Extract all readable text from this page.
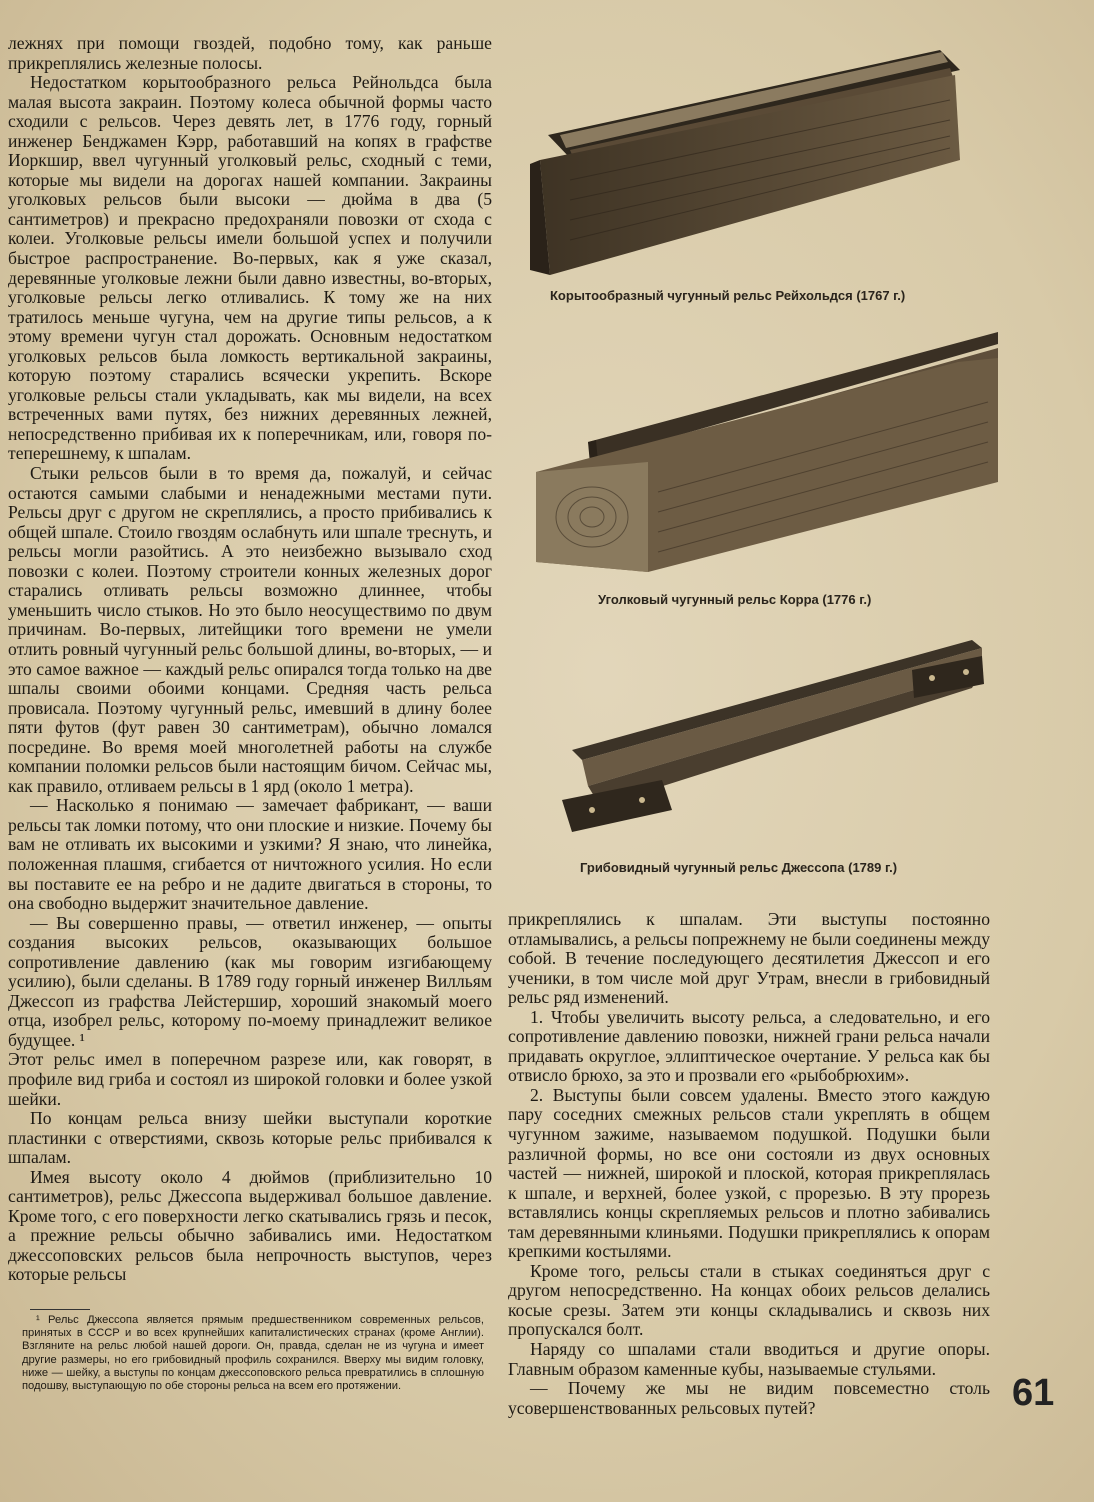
лежнях при помощи гвоздей, подобно тому, как раньше прикреплялись железные полосы.

Недостатком корытообразного рельса Рейнольдса была малая высота закраин. Поэтому колеса обычной формы часто сходили с рельсов. Через девять лет, в 1776 году, горный инженер Бенджамен Кэрр, работавший на копях в графстве Иоркшир, ввел чугунный уголковый рельс, сходный с теми, которые мы видели на дорогах нашей компании. Закраины уголковых рельсов были высоки — дюйма в два (5 сантиметров) и прекрасно предохраняли повозки от схода с колеи. Уголковые рельсы имели большой успех и получили быстрое распространение. Во-первых, как я уже сказал, деревянные уголковые лежни были давно известны, во-вторых, уголковые рельсы легко отливались. К тому же на них тратилось меньше чугуна, чем на другие типы рельсов, а к этому времени чугун стал дорожать. Основным недостатком уголковых рельсов была ломкость вертикальной закраины, которую поэтому старались всячески укрепить. Вскоре уголковые рельсы стали укладывать, как мы видели, на всех встреченных вами путях, без нижних деревянных лежней, непосредственно прибивая их к поперечникам, или, говоря по-теперешнему, к шпалам.

Стыки рельсов были в то время да, пожалуй, и сейчас остаются самыми слабыми и ненадежными местами пути. Рельсы друг с другом не скреплялись, а просто прибивались к общей шпале. Стоило гвоздям ослабнуть или шпале треснуть, и рельсы могли разойтись. А это неизбежно вызывало сход повозки с колеи. Поэтому строители конных железных дорог старались отливать рельсы возможно длиннее, чтобы уменьшить число стыков. Но это было неосуществимо по двум причинам. Во-первых, литейщики того времени не умели отлить ровный чугунный рельс большой длины, во-вторых, — и это самое важное — каждый рельс опирался тогда только на две шпалы своими обоими концами. Средняя часть рельса провисала. Поэтому чугунный рельс, имевший в длину более пяти футов (фут равен 30 сантиметрам), обычно ломался посредине. Во время моей многолетней работы на службе компании поломки рельсов были настоящим бичом. Сейчас мы, как правило, отливаем рельсы в 1 ярд (около 1 метра).

— Насколько я понимаю — замечает фабрикант, — ваши рельсы так ломки потому, что они плоские и низкие. Почему бы вам не отливать их высокими и узкими? Я знаю, что линейка, положенная плашмя, сгибается от ничтожного усилия. Но если вы поставите ее на ребро и не дадите двигаться в стороны, то она свободно выдержит значительное давление.

— Вы совершенно правы, — ответил инженер, — опыты создания высоких рельсов, оказывающих большое сопротивление давлению (как мы говорим изгибающему усилию), были сделаны. В 1789 году горный инженер Вилльям Джессоп из графства Лейстершир, хороший знакомый моего отца, изобрел рельс, которому по-моему принадлежит великое будущее. ¹

Этот рельс имел в поперечном разрезе или, как говорят, в профиле вид гриба и состоял из широкой головки и более узкой шейки.

По концам рельса внизу шейки выступали короткие пластинки с отверстиями, сквозь которые рельс прибивался к шпалам.

Имея высоту около 4 дюймов (приблизительно 10 сантиметров), рельс Джессопа выдерживал большое давление. Кроме того, с его поверхности легко скатывались грязь и песок, а прежние рельсы обычно забивались ими. Недостатком джессоповских рельсов была непрочность выступов, через которые рельсы

¹ Рельс Джессопа является прямым предшественником современных рельсов, принятых в СССР и во всех крупнейших капиталистических странах (кроме Англии). Взгляните на рельс любой нашей дороги. Он, правда, сделан не из чугуна и имеет другие размеры, но его грибовидный профиль сохранился. Вверху мы видим головку, ниже — шейку, а выступы по концам джессоповского рельса превратились в сплошную подошву, выступающую по обе стороны рельса на всем его протяжении.

Корытообразный чугунный рельс Рейхольдся (1767 г.)
Уголковый чугунный рельс Корра (1776 г.)
Грибовидный чугунный рельс Джессопа (1789 г.)

прикреплялись к шпалам. Эти выступы постоянно отламывались, а рельсы попрежнему не были соединены между собой. В течение последующего десятилетия Джессоп и его ученики, в том числе мой друг Утрам, внесли в грибовидный рельс ряд изменений.

1. Чтобы увеличить высоту рельса, а следовательно, и его сопротивление давлению повозки, нижней грани рельса начали придавать округлое, эллиптическое очертание. У рельса как бы отвисло брюхо, за это и прозвали его «рыбобрюхим».

2. Выступы были совсем удалены. Вместо этого каждую пару соседних смежных рельсов стали укреплять в общем чугунном зажиме, называемом подушкой. Подушки были различной формы, но все они состояли из двух основных частей — нижней, широкой и плоской, которая прикреплялась к шпале, и верхней, более узкой, с прорезью. В эту прорезь вставлялись концы скрепляемых рельсов и плотно забивались там деревянными клиньями. Подушки прикреплялись к опорам крепкими костылями.

Кроме того, рельсы стали в стыках соединяться друг с другом непосредственно. На концах обоих рельсов делались косые срезы. Затем эти концы складывались и сквозь них пропускался болт.

Наряду со шпалами стали вводиться и другие опоры. Главным образом каменные кубы, называемые стульями.

— Почему же мы не видим повсеместно столь усовершенствованных рельсовых путей?	61
